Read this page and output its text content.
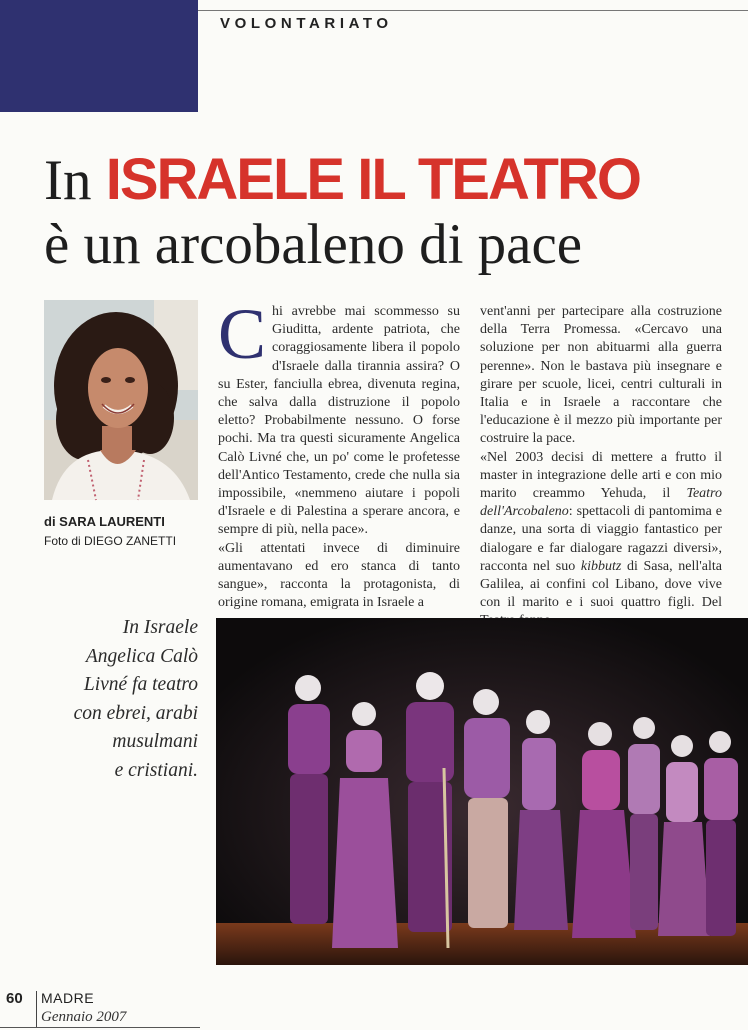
VOLONTARIATO
In ISRAELE IL TEATRO
è un arcobaleno di pace
di SARA LAURENTI
Foto di DIEGO ZANETTI
C hi avrebbe mai scommesso su Giuditta, ardente patriota, che coraggiosamente libera il popolo d'Israele dalla tirannia assira? O su Ester, fanciulla ebrea, divenuta regina, che salva dalla distruzione il popolo eletto? Probabilmente nessuno. O forse pochi. Ma tra questi sicuramente Angelica Calò Livné che, un po' come le profetesse dell'Antico Testamento, crede che nulla sia impossibile, «nemmeno aiutare i popoli d'Israele e di Palestina a sperare ancora, e sempre di più, nella pace».

«Gli attentati invece di diminuire aumentavano ed ero stanca di tanto sangue», racconta la protagonista, di origine romana, emigrata in Israele a

vent'anni per partecipare alla costruzione della Terra Promessa. «Cercavo una soluzione per non abituarmi alla guerra perenne». Non le bastava più insegnare e girare per scuole, licei, centri culturali in Italia e in Israele a raccontare che l'educazione è il mezzo più importante per costruire la pace.

«Nel 2003 decisi di mettere a frutto il master in integrazione delle arti e con mio marito creammo Yehuda, il Teatro dell'Arcobaleno: spettacoli di pantomima e danze, una sorta di viaggio fantastico per dialogare e far dialogare ragazzi diversi», racconta nel suo kibbutz di Sasa, nell'alta Galilea, ai confini col Libano, dove vive con il marito e i suoi quattro figli. Del

In Israele
Angelica Calò
Livné fa teatro
con ebrei, arabi
musulmani
e cristiani.
60 MADRE
Gennaio 2007
